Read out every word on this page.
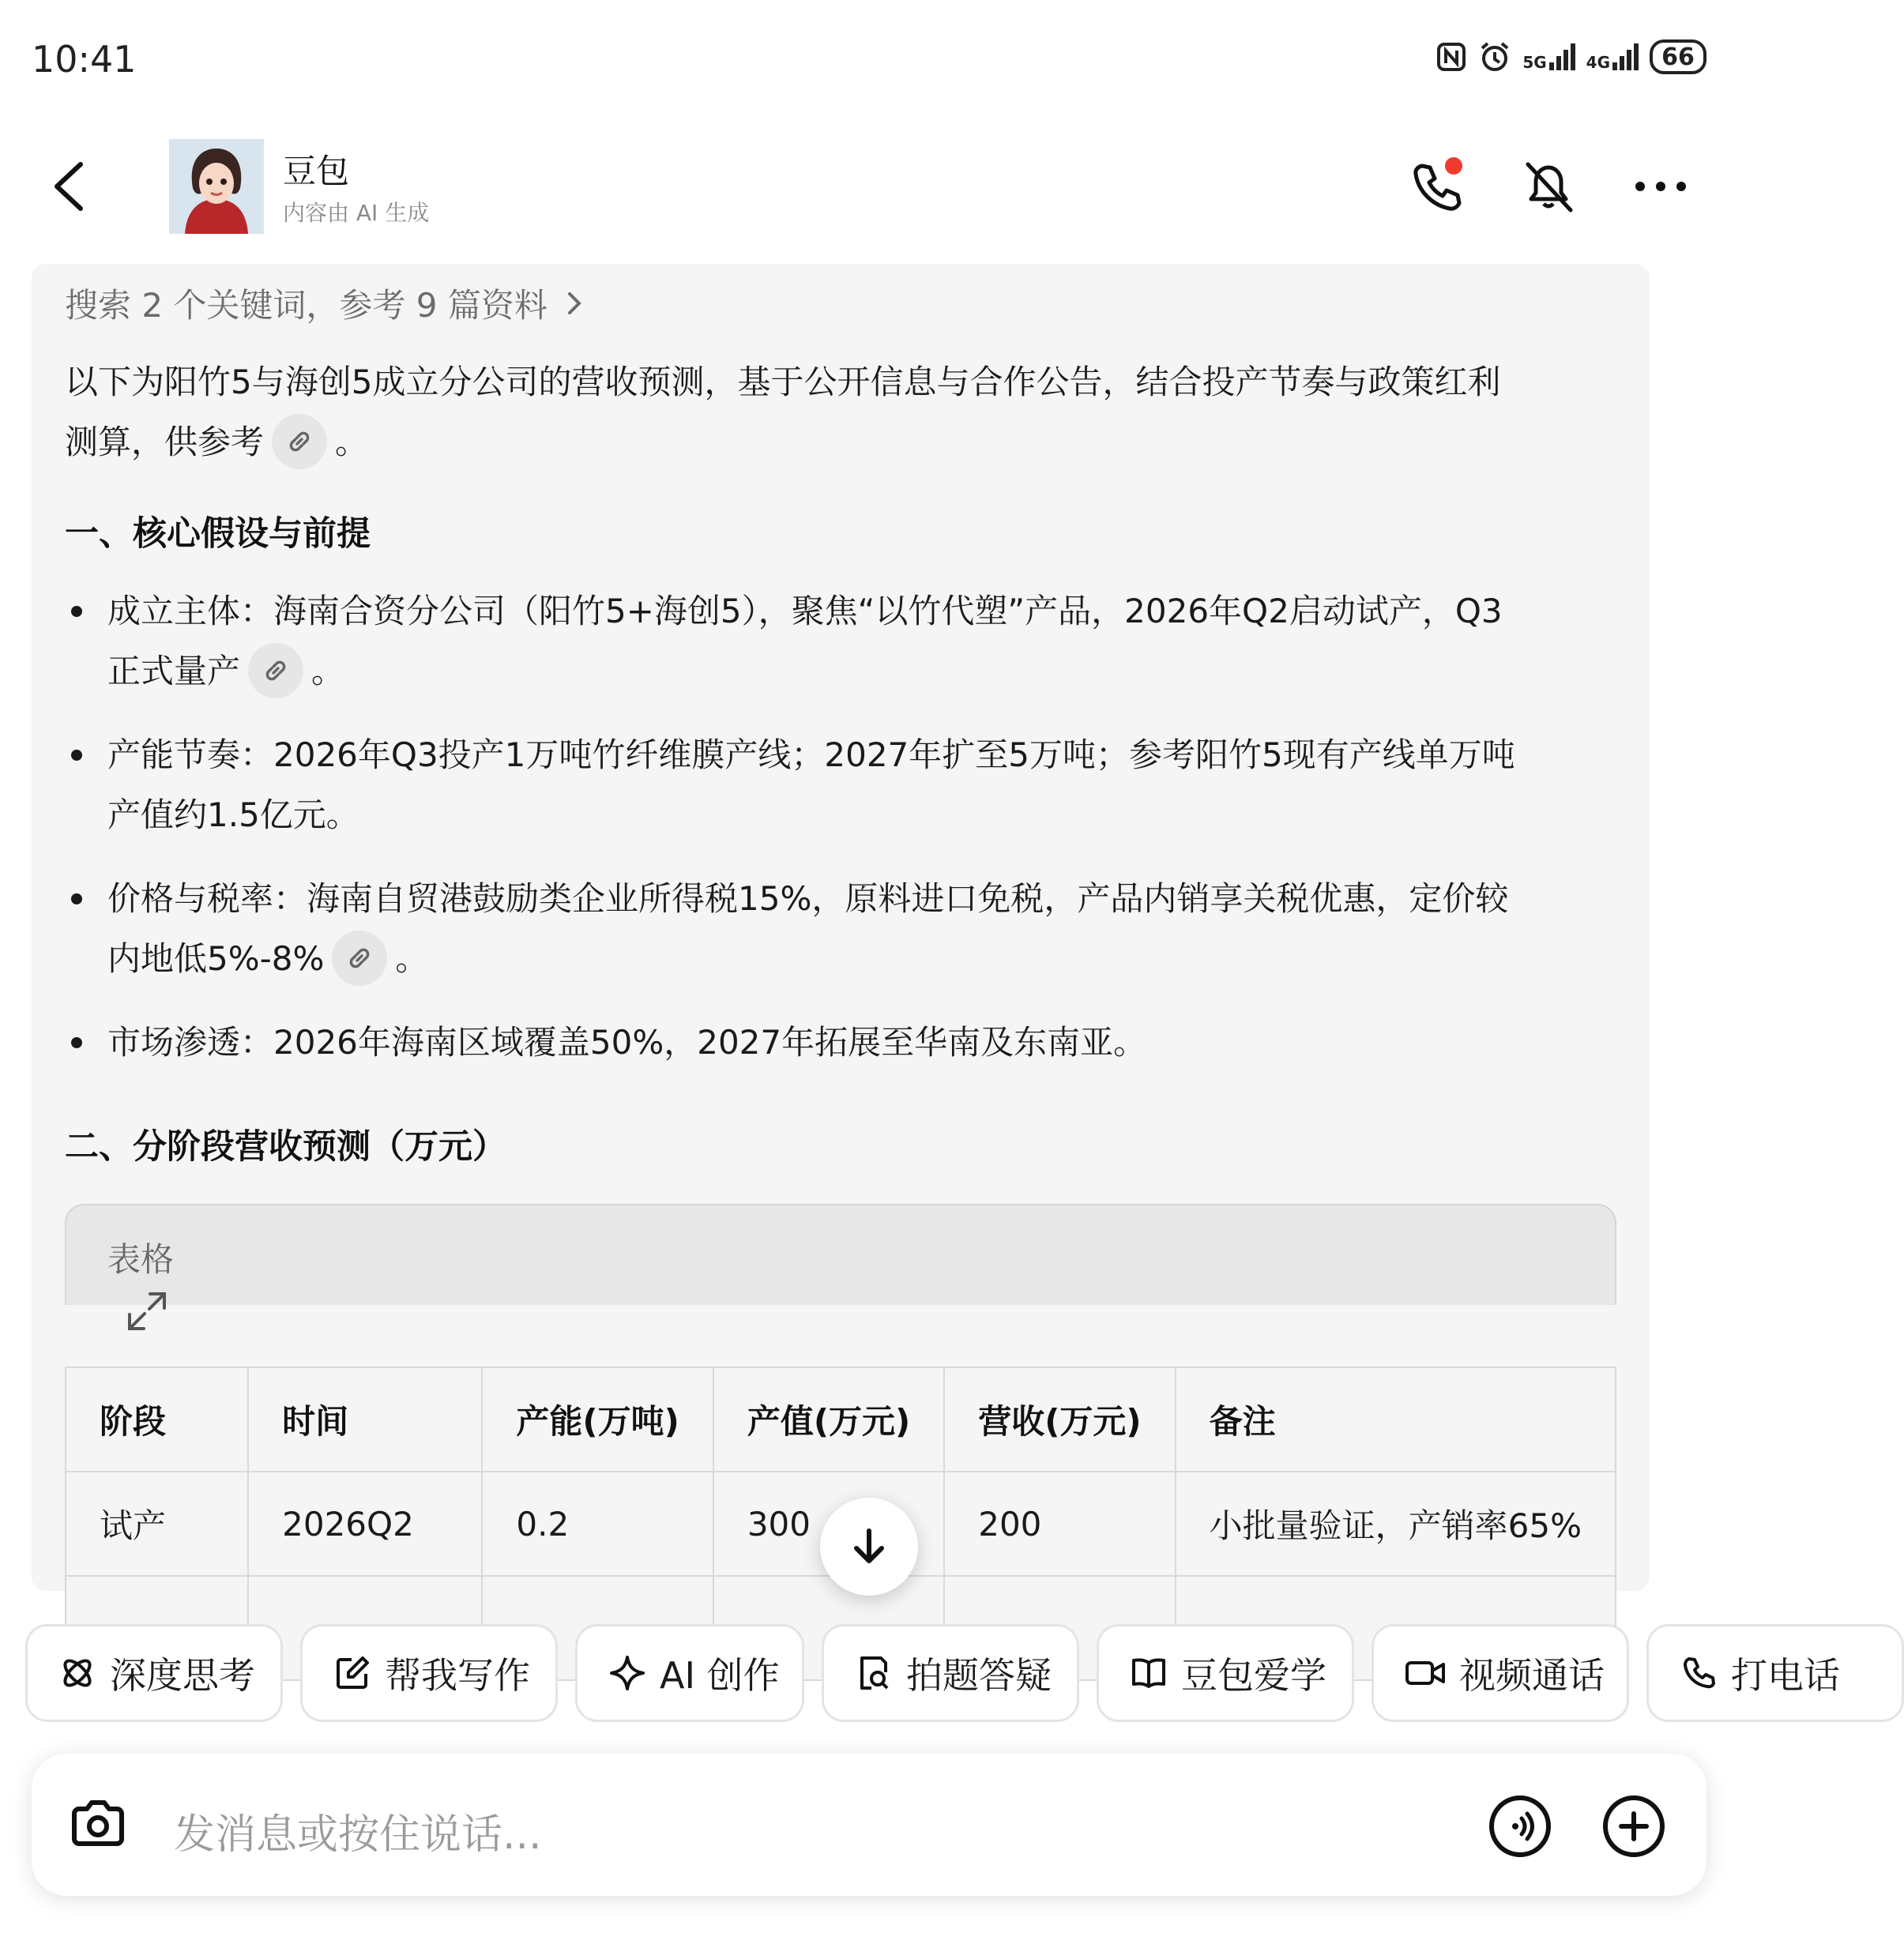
10:41	5G	4G	66
豆包
内容由 AI 生成
搜索 2 个关键词，参考 9 篇资料
以下为阳竹5与海创5成立分公司的营收预测，基于公开信息与合作公告，结合投产节奏与政策红利
测算，供参考 。
一、核心假设与前提
成立主体：海南合资分公司（阳竹5+海创5），聚焦“以竹代塑”产品，2026年Q2启动试产，Q3
正式量产 。
产能节奏：2026年Q3投产1万吨竹纤维膜产线；2027年扩至5万吨；参考阳竹5现有产线单万吨
产值约1.5亿元。
价格与税率：海南自贸港鼓励类企业所得税15%，原料进口免税，产品内销享关税优惠，定价较
内地低5%-8% 。
市场渗透：2026年海南区域覆盖50%，2027年拓展至华南及东南亚。
二、分阶段营收预测（万元）
表格
阶段	时间	产能(万吨)	产值(万元)	营收(万元)	备注
试产	2026Q2	0.2	300	200	小批量验证，产销率65%

深度思考	帮我写作	AI 创作	拍题答疑	豆包爱学	视频通话	打电话
发消息或按住说话...
